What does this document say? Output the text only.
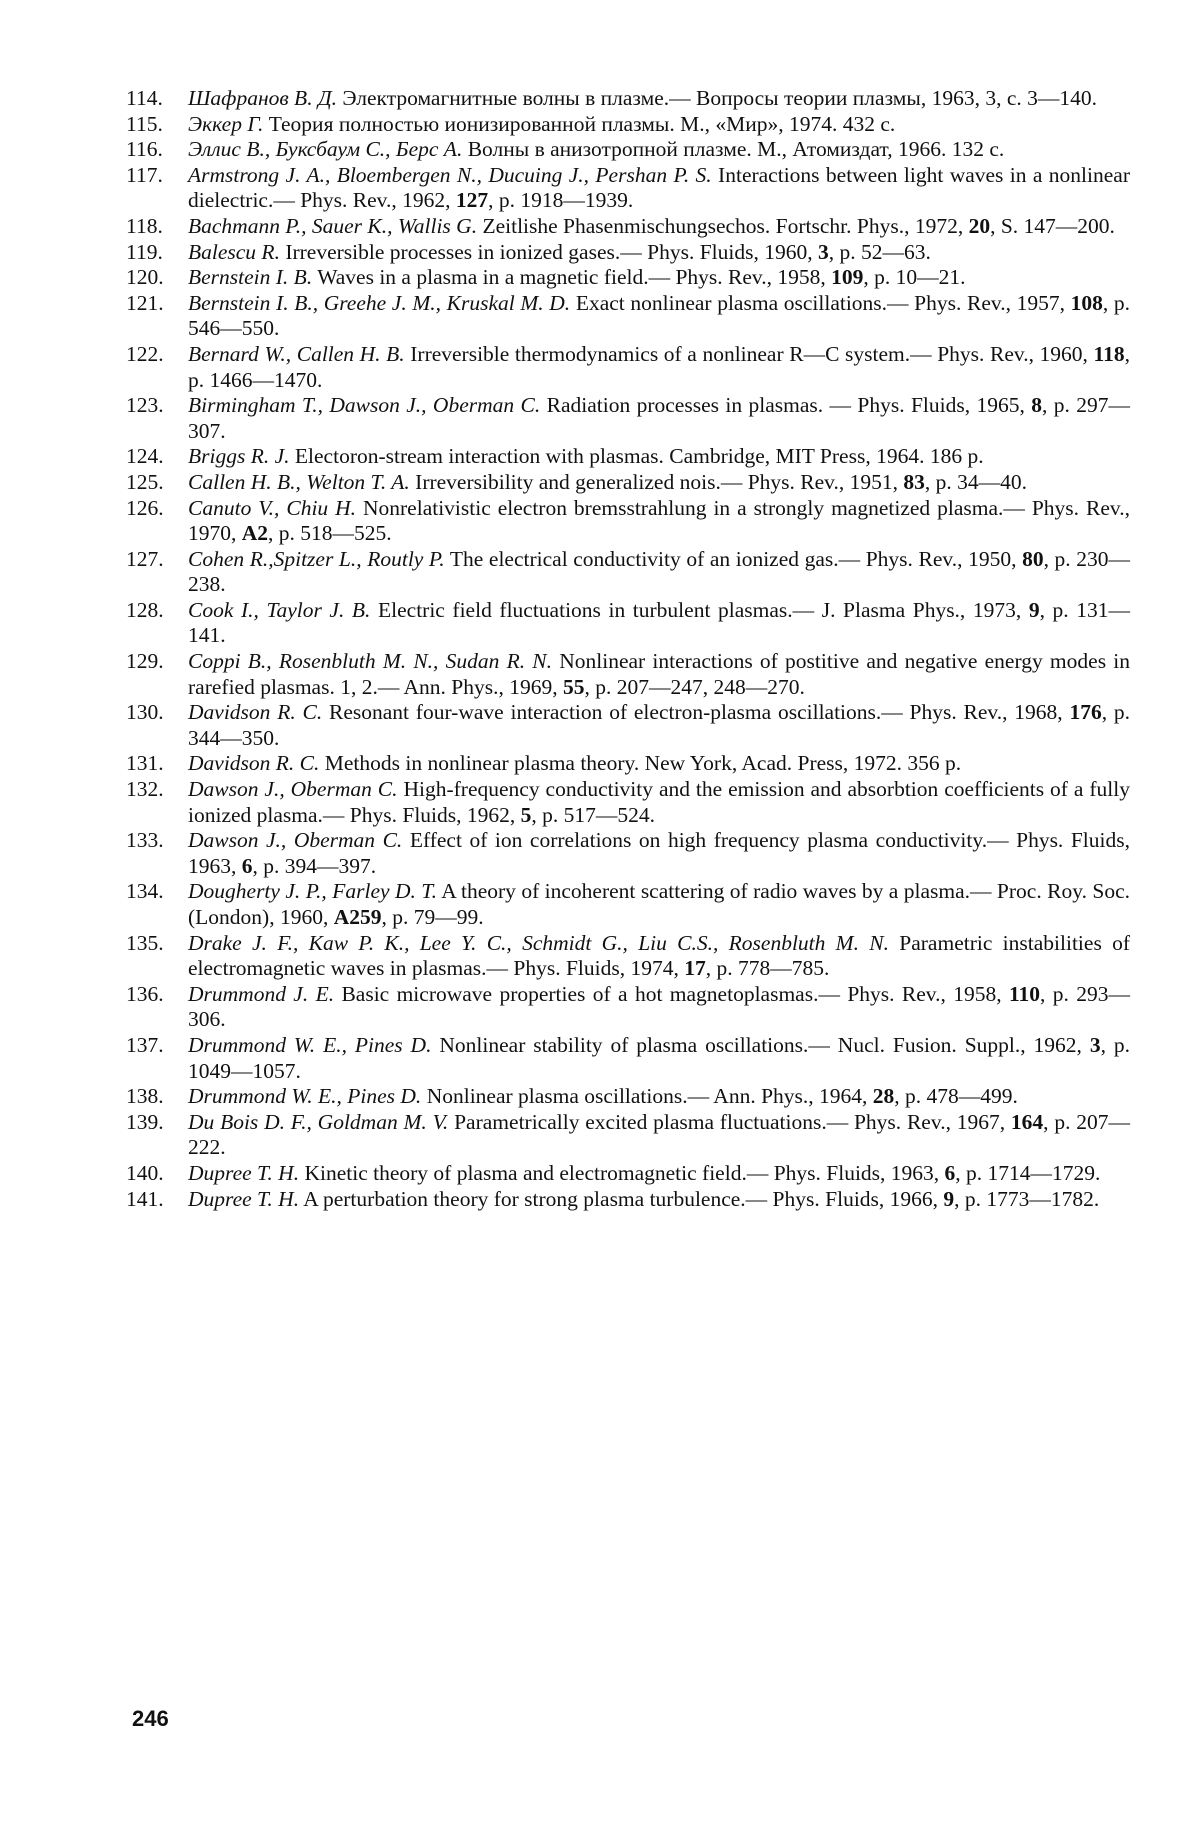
114.	Шафранов В. Д. Электромагнитные волны в плазме.— Вопросы теории плазмы, 1963, 3, с. 3—140.
115.	Эккер Г. Теория полностью ионизированной плазмы. М., «Мир», 1974. 432 с.
116.	Эллис В., Буксбаум С., Берс А. Волны в анизотропной плазме. М., Атомиздат, 1966. 132 с.
117.	Armstrong J. A., Bloembergen N., Ducuing J., Pershan P. S. Interactions between light waves in a nonlinear dielectric.— Phys. Rev., 1962, 127, p. 1918—1939.
118.	Bachmann P., Sauer K., Wallis G. Zeitlishe Phasenmischungsechos. Fortschr. Phys., 1972, 20, S. 147—200.
119.	Balescu R. Irreversible processes in ionized gases.— Phys. Fluids, 1960, 3, p. 52—63.
120.	Bernstein I. B. Waves in a plasma in a magnetic field.— Phys. Rev., 1958, 109, p. 10—21.
121.	Bernstein I. B., Greehe J. M., Kruskal M. D. Exact nonlinear plasma oscillations.— Phys. Rev., 1957, 108, p. 546—550.
122.	Bernard W., Callen H. B. Irreversible thermodynamics of a nonlinear R—C system.— Phys. Rev., 1960, 118, p. 1466—1470.
123.	Birmingham T., Dawson J., Oberman C. Radiation processes in plasmas. — Phys. Fluids, 1965, 8, p. 297—307.
124.	Briggs R. J. Electoron-stream interaction with plasmas. Cambridge, MIT Press, 1964. 186 p.
125.	Callen H. B., Welton T. A. Irreversibility and generalized nois.— Phys. Rev., 1951, 83, p. 34—40.
126.	Canuto V., Chiu H. Nonrelativistic electron bremsstrahlung in a strongly magnetized plasma.— Phys. Rev., 1970, A2, p. 518—525.
127.	Cohen R.,Spitzer L., Routly P. The electrical conductivity of an ionized gas.— Phys. Rev., 1950, 80, p. 230—238.
128.	Cook I., Taylor J. B. Electric field fluctuations in turbulent plasmas.— J. Plasma Phys., 1973, 9, p. 131—141.
129.	Coppi B., Rosenbluth M. N., Sudan R. N. Nonlinear interactions of postitive and negative energy modes in rarefied plasmas. 1, 2.— Ann. Phys., 1969, 55, p. 207—247, 248—270.
130.	Davidson R. C. Resonant four-wave interaction of electron-plasma oscillations.— Phys. Rev., 1968, 176, p. 344—350.
131.	Davidson R. C. Methods in nonlinear plasma theory. New York, Acad. Press, 1972. 356 p.
132.	Dawson J., Oberman C. High-frequency conductivity and the emission and absorbtion coefficients of a fully ionized plasma.— Phys. Fluids, 1962, 5, p. 517—524.
133.	Dawson J., Oberman C. Effect of ion correlations on high frequency plasma conductivity.— Phys. Fluids, 1963, 6, p. 394—397.
134.	Dougherty J. P., Farley D. T. A theory of incoherent scattering of radio waves by a plasma.— Proc. Roy. Soc. (London), 1960, A259, p. 79—99.
135.	Drake J. F., Kaw P. K., Lee Y. C., Schmidt G., Liu C.S., Rosenbluth M. N. Parametric instabilities of electromagnetic waves in plasmas.— Phys. Fluids, 1974, 17, p. 778—785.
136.	Drummond J. E. Basic microwave properties of a hot magnetoplasmas.— Phys. Rev., 1958, 110, p. 293—306.
137.	Drummond W. E., Pines D. Nonlinear stability of plasma oscillations.— Nucl. Fusion. Suppl., 1962, 3, p. 1049—1057.
138.	Drummond W. E., Pines D. Nonlinear plasma oscillations.— Ann. Phys., 1964, 28, p. 478—499.
139.	Du Bois D. F., Goldman M. V. Parametrically excited plasma fluctuations.— Phys. Rev., 1967, 164, p. 207—222.
140.	Dupree T. H. Kinetic theory of plasma and electromagnetic field.— Phys. Fluids, 1963, 6, p. 1714—1729.
141.	Dupree T. H. A perturbation theory for strong plasma turbulence.— Phys. Fluids, 1966, 9, p. 1773—1782.
246
